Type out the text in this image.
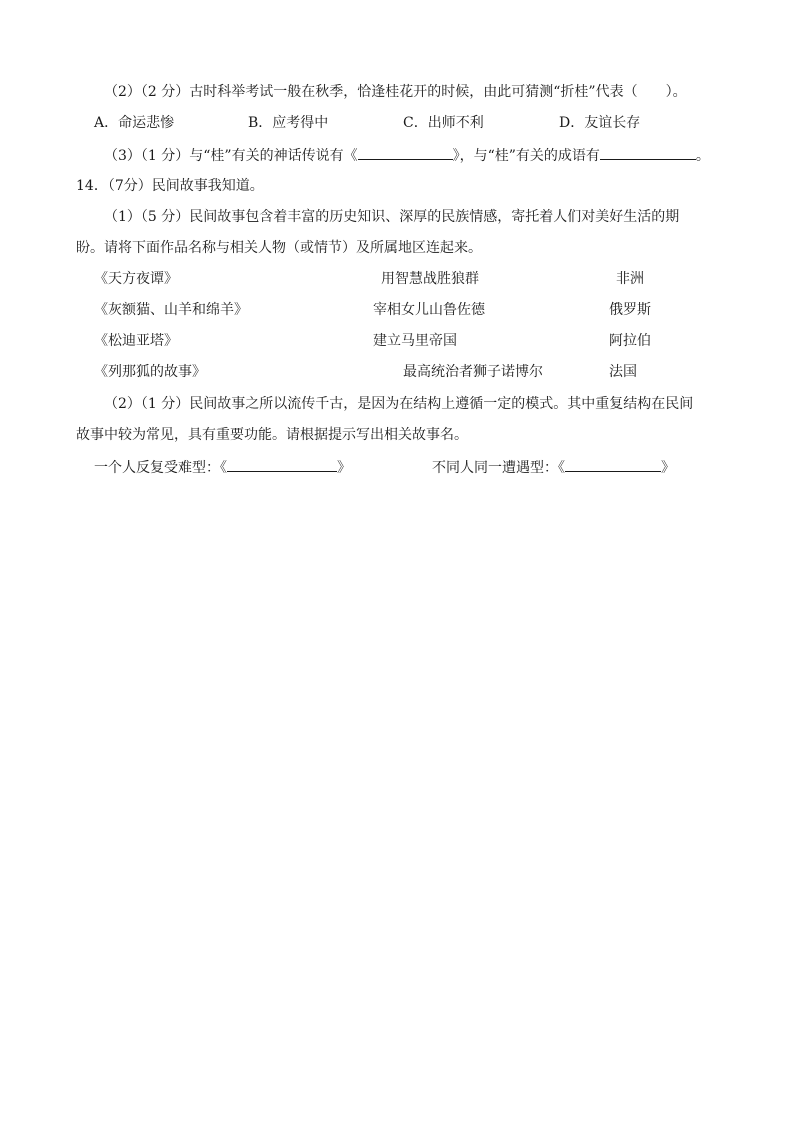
（2）（2 分）古时科举考试一般在秋季，恰逢桂花开的时候，由此可猜测“折桂”代表（ ）。
A．命运悲惨	B．应考得中	C．出师不利	D．友谊长存
（3）（1 分）与“桂”有关的神话传说有《	》，与“桂”有关的成语有	。
14．（7分）民间故事我知道。
（1）（5 分）民间故事包含着丰富的历史知识、深厚的民族情感，寄托着人们对美好生活的期
盼。请将下面作品名称与相关人物（或情节）及所属地区连起来。
《天方夜谭》	用智慧战胜狼群	非洲
《灰额猫、山羊和绵羊》	宰相女儿山鲁佐德	俄罗斯
《松迪亚塔》	建立马里帝国	阿拉伯
《列那狐的故事》	最高统治者狮子诺博尔	法国
（2）（1 分）民间故事之所以流传千古，是因为在结构上遵循一定的模式。其中重复结构在民间
故事中较为常见，具有重要功能。请根据提示写出相关故事名。
一个人反复受难型：《	》	不同人同一遭遇型：《	》
